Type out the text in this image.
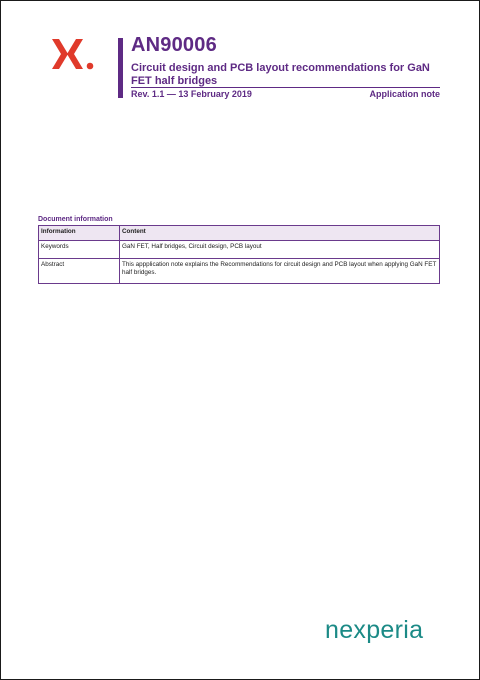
AN90006
Circuit design and PCB layout recommendations for GaN FET half bridges
Rev. 1.1 — 13 February 2019	Application note
Document information
Information	Content
Keywords	GaN FET, Half bridges, Circuit design, PCB layout
Abstract	This appplication note explains the Recommendations for circuit design and PCB layout when applying GaN FET half bridges.
nexperia
